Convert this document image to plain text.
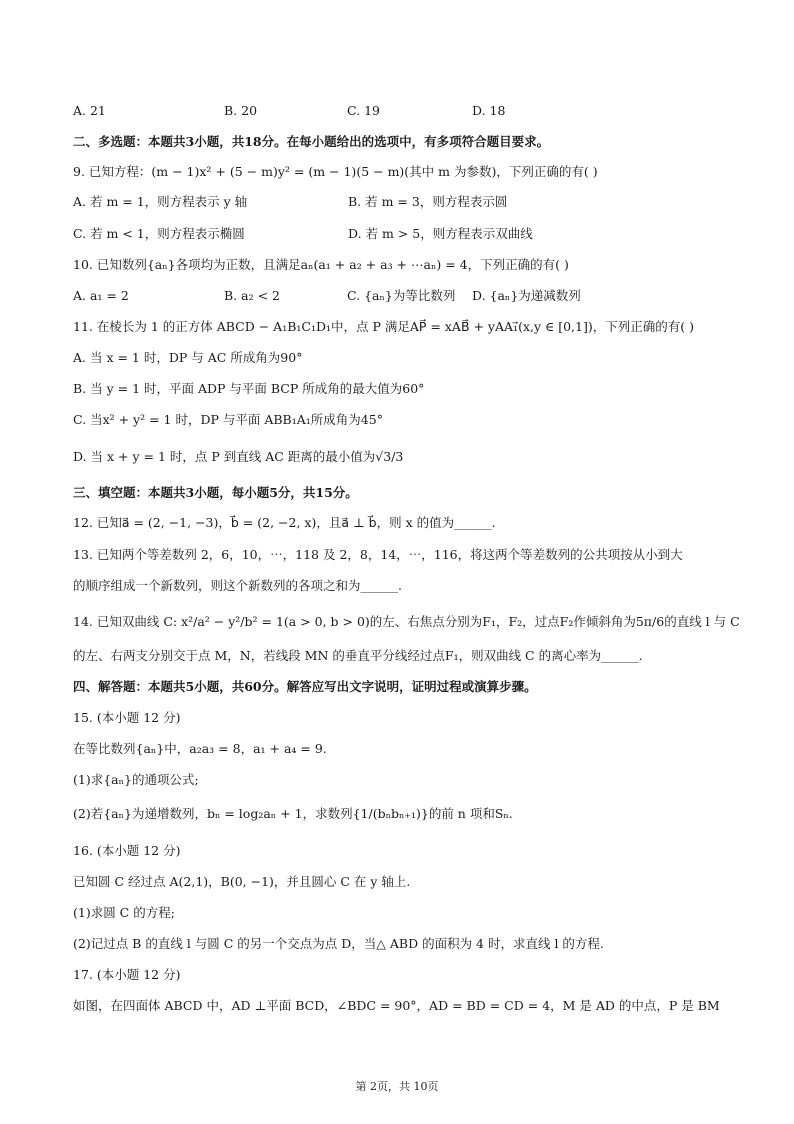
A. 21	B. 20	C. 19	D. 18
二、多选题：本题共3小题，共18分。在每小题给出的选项中，有多项符合题目要求。
9. 已知方程：(m − 1)x² + (5 − m)y² = (m − 1)(5 − m)(其中 m 为参数)，下列正确的有( )
A. 若 m = 1，则方程表示 y 轴	B. 若 m = 3，则方程表示圆
C. 若 m < 1，则方程表示椭圆	D. 若 m > 5，则方程表示双曲线
10. 已知数列{aₙ}各项均为正数，且满足aₙ(a₁ + a₂ + a₃ + ⋯aₙ) = 4，下列正确的有( )
A. a₁ = 2	B. a₂ < 2	C. {aₙ}为等比数列 D. {aₙ}为递减数列
11. 在棱长为 1 的正方体 ABCD − A₁B₁C₁D₁中，点 P 满足AP⃗ = xAB⃗ + yAA₁⃗(x,y ∈ [0,1])，下列正确的有( )
A. 当 x = 1 时，DP 与 AC 所成角为90°
B. 当 y = 1 时，平面 ADP 与平面 BCP 所成角的最大值为60°
C. 当x² + y² = 1 时，DP 与平面 ABB₁A₁所成角为45°
D. 当 x + y = 1 时，点 P 到直线 AC 距离的最小值为√3/3
三、填空题：本题共3小题，每小题5分，共15分。
12. 已知a⃗ = (2, −1, −3)，b⃗ = (2, −2, x)，且a⃗ ⊥ b⃗，则 x 的值为______.
13. 已知两个等差数列 2，6，10，⋯，118 及 2，8，14，⋯，116，将这两个等差数列的公共项按从小到大
的顺序组成一个新数列，则这个新数列的各项之和为______.
14. 已知双曲线 C: x²/a² − y²/b² = 1(a > 0, b > 0)的左、右焦点分别为F₁，F₂，过点F₂作倾斜角为5π/6的直线 l 与 C
的左、右两支分别交于点 M，N，若线段 MN 的垂直平分线经过点F₁，则双曲线 C 的离心率为______.
四、解答题：本题共5小题，共60分。解答应写出文字说明，证明过程或演算步骤。
15. (本小题 12 分)
在等比数列{aₙ}中，a₂a₃ = 8，a₁ + a₄ = 9.
(1)求{aₙ}的通项公式;
(2)若{aₙ}为递增数列，bₙ = log₂aₙ + 1，求数列{1/(bₙbₙ₊₁)}的前 n 项和Sₙ.
16. (本小题 12 分)
已知圆 C 经过点 A(2,1)，B(0, −1)，并且圆心 C 在 y 轴上.
(1)求圆 C 的方程;
(2)记过点 B 的直线 l 与圆 C 的另一个交点为点 D，当△ ABD 的面积为 4 时，求直线 l 的方程.
17. (本小题 12 分)
如图，在四面体 ABCD 中，AD ⊥平面 BCD，∠BDC = 90°，AD = BD = CD = 4，M 是 AD 的中点，P 是 BM
第 2页，共 10页
